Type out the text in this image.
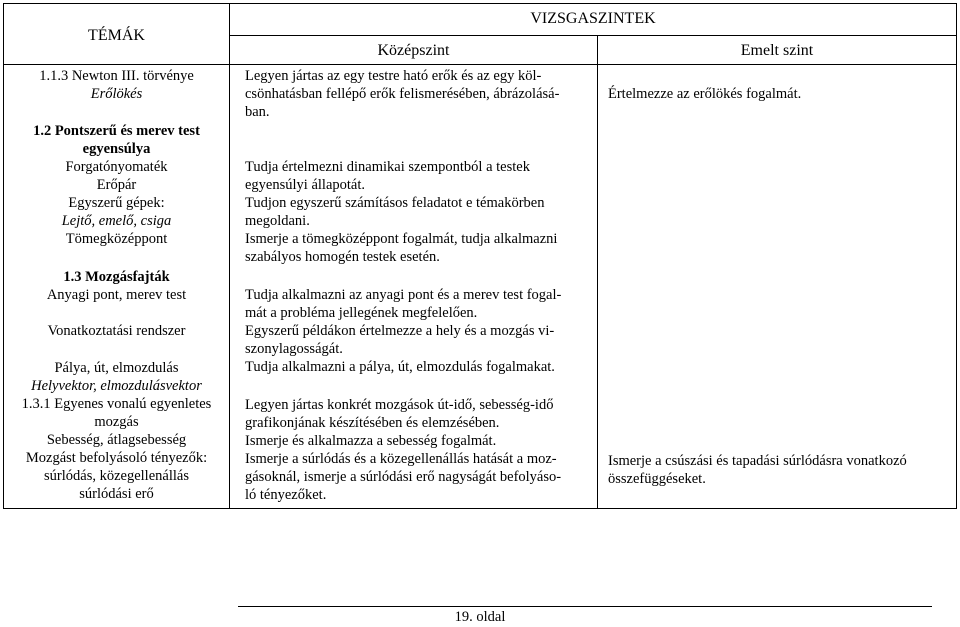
TÉMÁK
VIZSGASZINTEK
Középszint	Emelt szint
1.1.3 Newton III. törvénye
Erőlökés
1.2 Pontszerű és merev test
egyensúlya
Forgatónyomaték
Erőpár
Egyszerű gépek:
Lejtő, emelő, csiga
Tömegközéppont
1.3 Mozgásfajták
Anyagi pont, merev test
Vonatkoztatási rendszer
Pálya, út, elmozdulás
Helyvektor, elmozdulásvektor
1.3.1 Egyenes vonalú egyenletes
mozgás
Sebesség, átlagsebesség
Mozgást befolyásoló tényezők:
súrlódás, közegellenállás
súrlódási erő
Legyen jártas az egy testre ható erők és az egy köl-
csönhatásban fellépő erők felismerésében, ábrázolásá-
ban.
Tudja értelmezni dinamikai szempontból a testek
egyensúlyi állapotát.
Tudjon egyszerű számításos feladatot e témakörben
megoldani.
Ismerje a tömegközéppont fogalmát, tudja alkalmazni
szabályos homogén testek esetén.
Tudja alkalmazni az anyagi pont és a merev test fogal-
mát a probléma jellegének megfelelően.
Egyszerű példákon értelmezze a hely és a mozgás vi-
szonylagosságát.
Tudja alkalmazni a pálya, út, elmozdulás fogalmakat.
Legyen jártas konkrét mozgások út-idő, sebesség-idő
grafikonjának készítésében és elemzésében.
Ismerje és alkalmazza a sebesség fogalmát.
Ismerje a súrlódás és a közegellenállás hatását a moz-
gásoknál, ismerje a súrlódási erő nagyságát befolyáso-
ló tényezőket.
Értelmezze az erőlökés fogalmát.
Ismerje a csúszási és tapadási súrlódásra vonatkozó
összefüggéseket.
19. oldal
